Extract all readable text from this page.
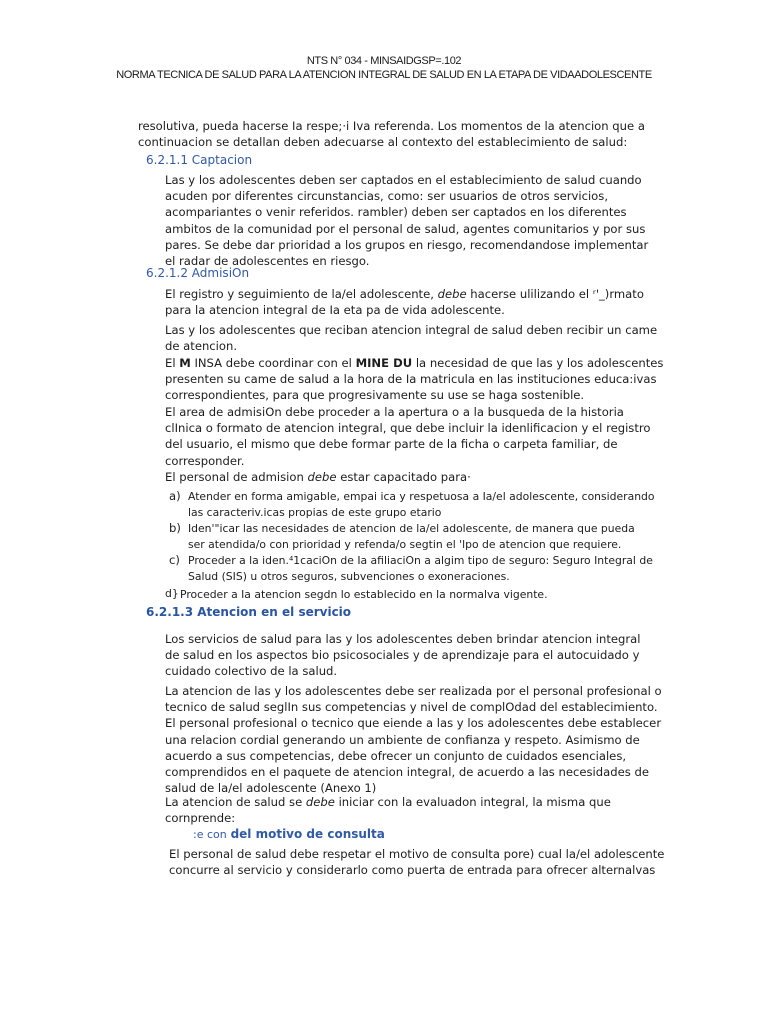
NTS N° 034 - MINSAIDGSP=.102
NORMA TECNICA DE SALUD PARA LA ATENCION INTEGRAL DE SALUD EN LA ETAPA DE VIDAADOLESCENTE
resolutiva, pueda hacerse Ia respe;·i Iva referenda. Los momentos de la atencion que a
continuacion se detallan deben adecuarse al contexto del establecimiento de salud:
6.2.1.1 Captacion
Las y los adolescentes deben ser captados en el establecimiento de salud cuando
acuden por diferentes circunstancias, como: ser usuarios de otros servicios,
acompariantes o venir referidos. rambler) deben ser captados en los diferentes
ambitos de la comunidad por el personal de salud, agentes comunitarios y por sus
pares. Se debe dar prioridad a los grupos en riesgo, recomendandose implementar
el radar de adolescentes en riesgo.
6.2.1.2 AdmisiOn
El registro y seguimiento de la/el adolescente, debe hacerse ulilizando el ʳ'_)rmato
para la atencion integral de Ia eta pa de vida adolescente.
Las y los adolescentes que reciban atencion integral de salud deben recibir un came
de atencion.
El M INSA debe coordinar con el MINE DU la necesidad de que las y los adolescentes
presenten su came de salud a la hora de Ia matricula en las instituciones educa:ivas
correspondientes, para que progresivamente su use se haga sostenible.
El area de admisiOn debe proceder a la apertura o a la busqueda de la historia
clInica o formato de atencion integral, que debe incluir la idenlificacion y el registro
del usuario, el mismo que debe formar parte de la ficha o carpeta familiar, de
corresponder.
El personal de admision debe estar capacitado para·
a) Atender en forma amigable, empai ica y respetuosa a Ia/el adolescente, considerando
las caracteriv.icas propias de este grupo etario
b) Iden'"icar las necesidades de atencion de la/el adolescente, de manera que pueda
ser atendida/o con prioridad y refenda/o segtin el 'lpo de atencion que requiere.
c) Proceder a la iden.⁴1caciOn de Ia afiliaciOn a algim tipo de seguro: Seguro Integral de
Salud (SIS) u otros seguros, subvenciones o exoneraciones.
d} Proceder a Ia atencion segdn lo establecido en la normalva vigente.
6.2.1.3 Atencion en el servicio
Los servicios de salud para las y los adolescentes deben brindar atencion integral
de salud en los aspectos bio psicosociales y de aprendizaje para el autocuidado y
cuidado colectivo de la salud.
La atencion de las y los adolescentes debe ser realizada por el personal profesional o
tecnico de salud seglIn sus competencias y nivel de complOdad del establecimiento.
El personal profesional o tecnico que eiende a las y los adolescentes debe establecer
una relacion cordial generando un ambiente de confianza y respeto. Asimismo de
acuerdo a sus competencias, debe ofrecer un conjunto de cuidados esenciales,
comprendidos en el paquete de atencion integral, de acuerdo a las necesidades de
salud de la/el adolescente (Anexo 1)
La atencion de salud se debe iniciar con la evaluadon integral, la misma que
cornprende:
:e con del motivo de consulta
El personal de salud debe respetar el motivo de consulta pore) cual la/el adolescente
concurre al servicio y considerarlo como puerta de entrada para ofrecer alternalvas
